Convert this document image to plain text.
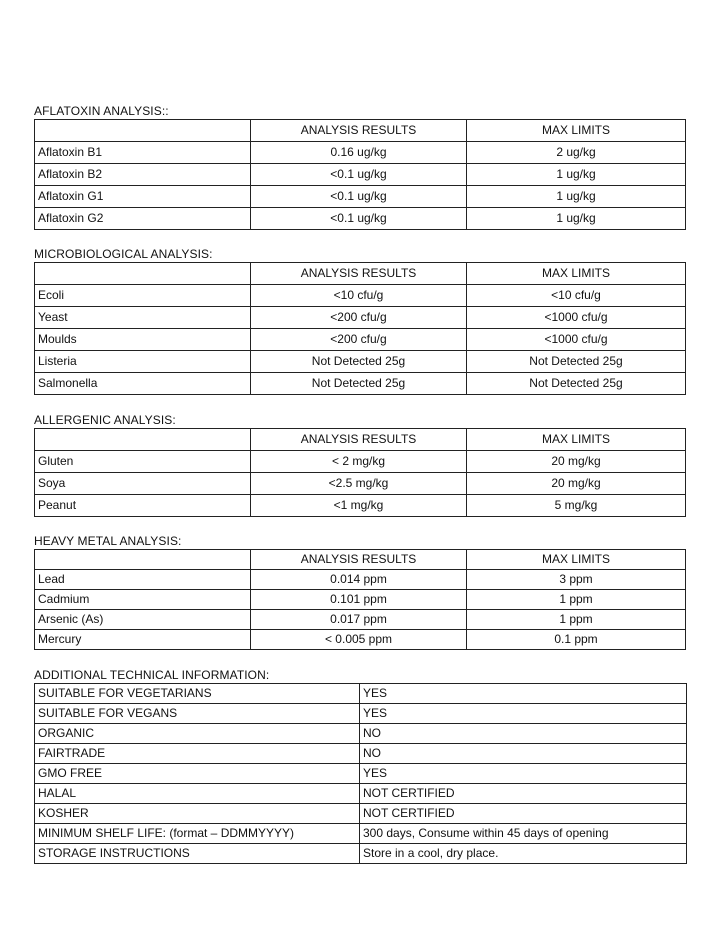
AFLATOXIN ANALYSIS::
	ANALYSIS RESULTS	MAX LIMITS
Aflatoxin B1	0.16 ug/kg	2 ug/kg
Aflatoxin B2	<0.1 ug/kg	1 ug/kg
Aflatoxin G1	<0.1 ug/kg	1 ug/kg
Aflatoxin G2	<0.1 ug/kg	1 ug/kg
MICROBIOLOGICAL ANALYSIS:
	ANALYSIS RESULTS	MAX LIMITS
Ecoli	<10 cfu/g	<10 cfu/g
Yeast	<200 cfu/g	<1000 cfu/g
Moulds	<200 cfu/g	<1000 cfu/g
Listeria	Not Detected 25g	Not Detected 25g
Salmonella	Not Detected 25g	Not Detected 25g
ALLERGENIC ANALYSIS:
	ANALYSIS RESULTS	MAX LIMITS
Gluten	< 2 mg/kg	20 mg/kg
Soya	<2.5 mg/kg	20 mg/kg
Peanut	<1 mg/kg	5 mg/kg
HEAVY METAL ANALYSIS:
	ANALYSIS RESULTS	MAX LIMITS
Lead	0.014 ppm	3 ppm
Cadmium	0.101 ppm	1 ppm
Arsenic (As)	0.017 ppm	1 ppm
Mercury	< 0.005 ppm	0.1 ppm
ADDITIONAL TECHNICAL INFORMATION:
SUITABLE FOR VEGETARIANS	YES
SUITABLE FOR VEGANS	YES
ORGANIC	NO
FAIRTRADE	NO
GMO FREE	YES
HALAL	NOT CERTIFIED
KOSHER	NOT CERTIFIED
MINIMUM SHELF LIFE: (format – DDMMYYYY)	300 days, Consume within 45 days of opening
STORAGE INSTRUCTIONS	Store in a cool, dry place.
